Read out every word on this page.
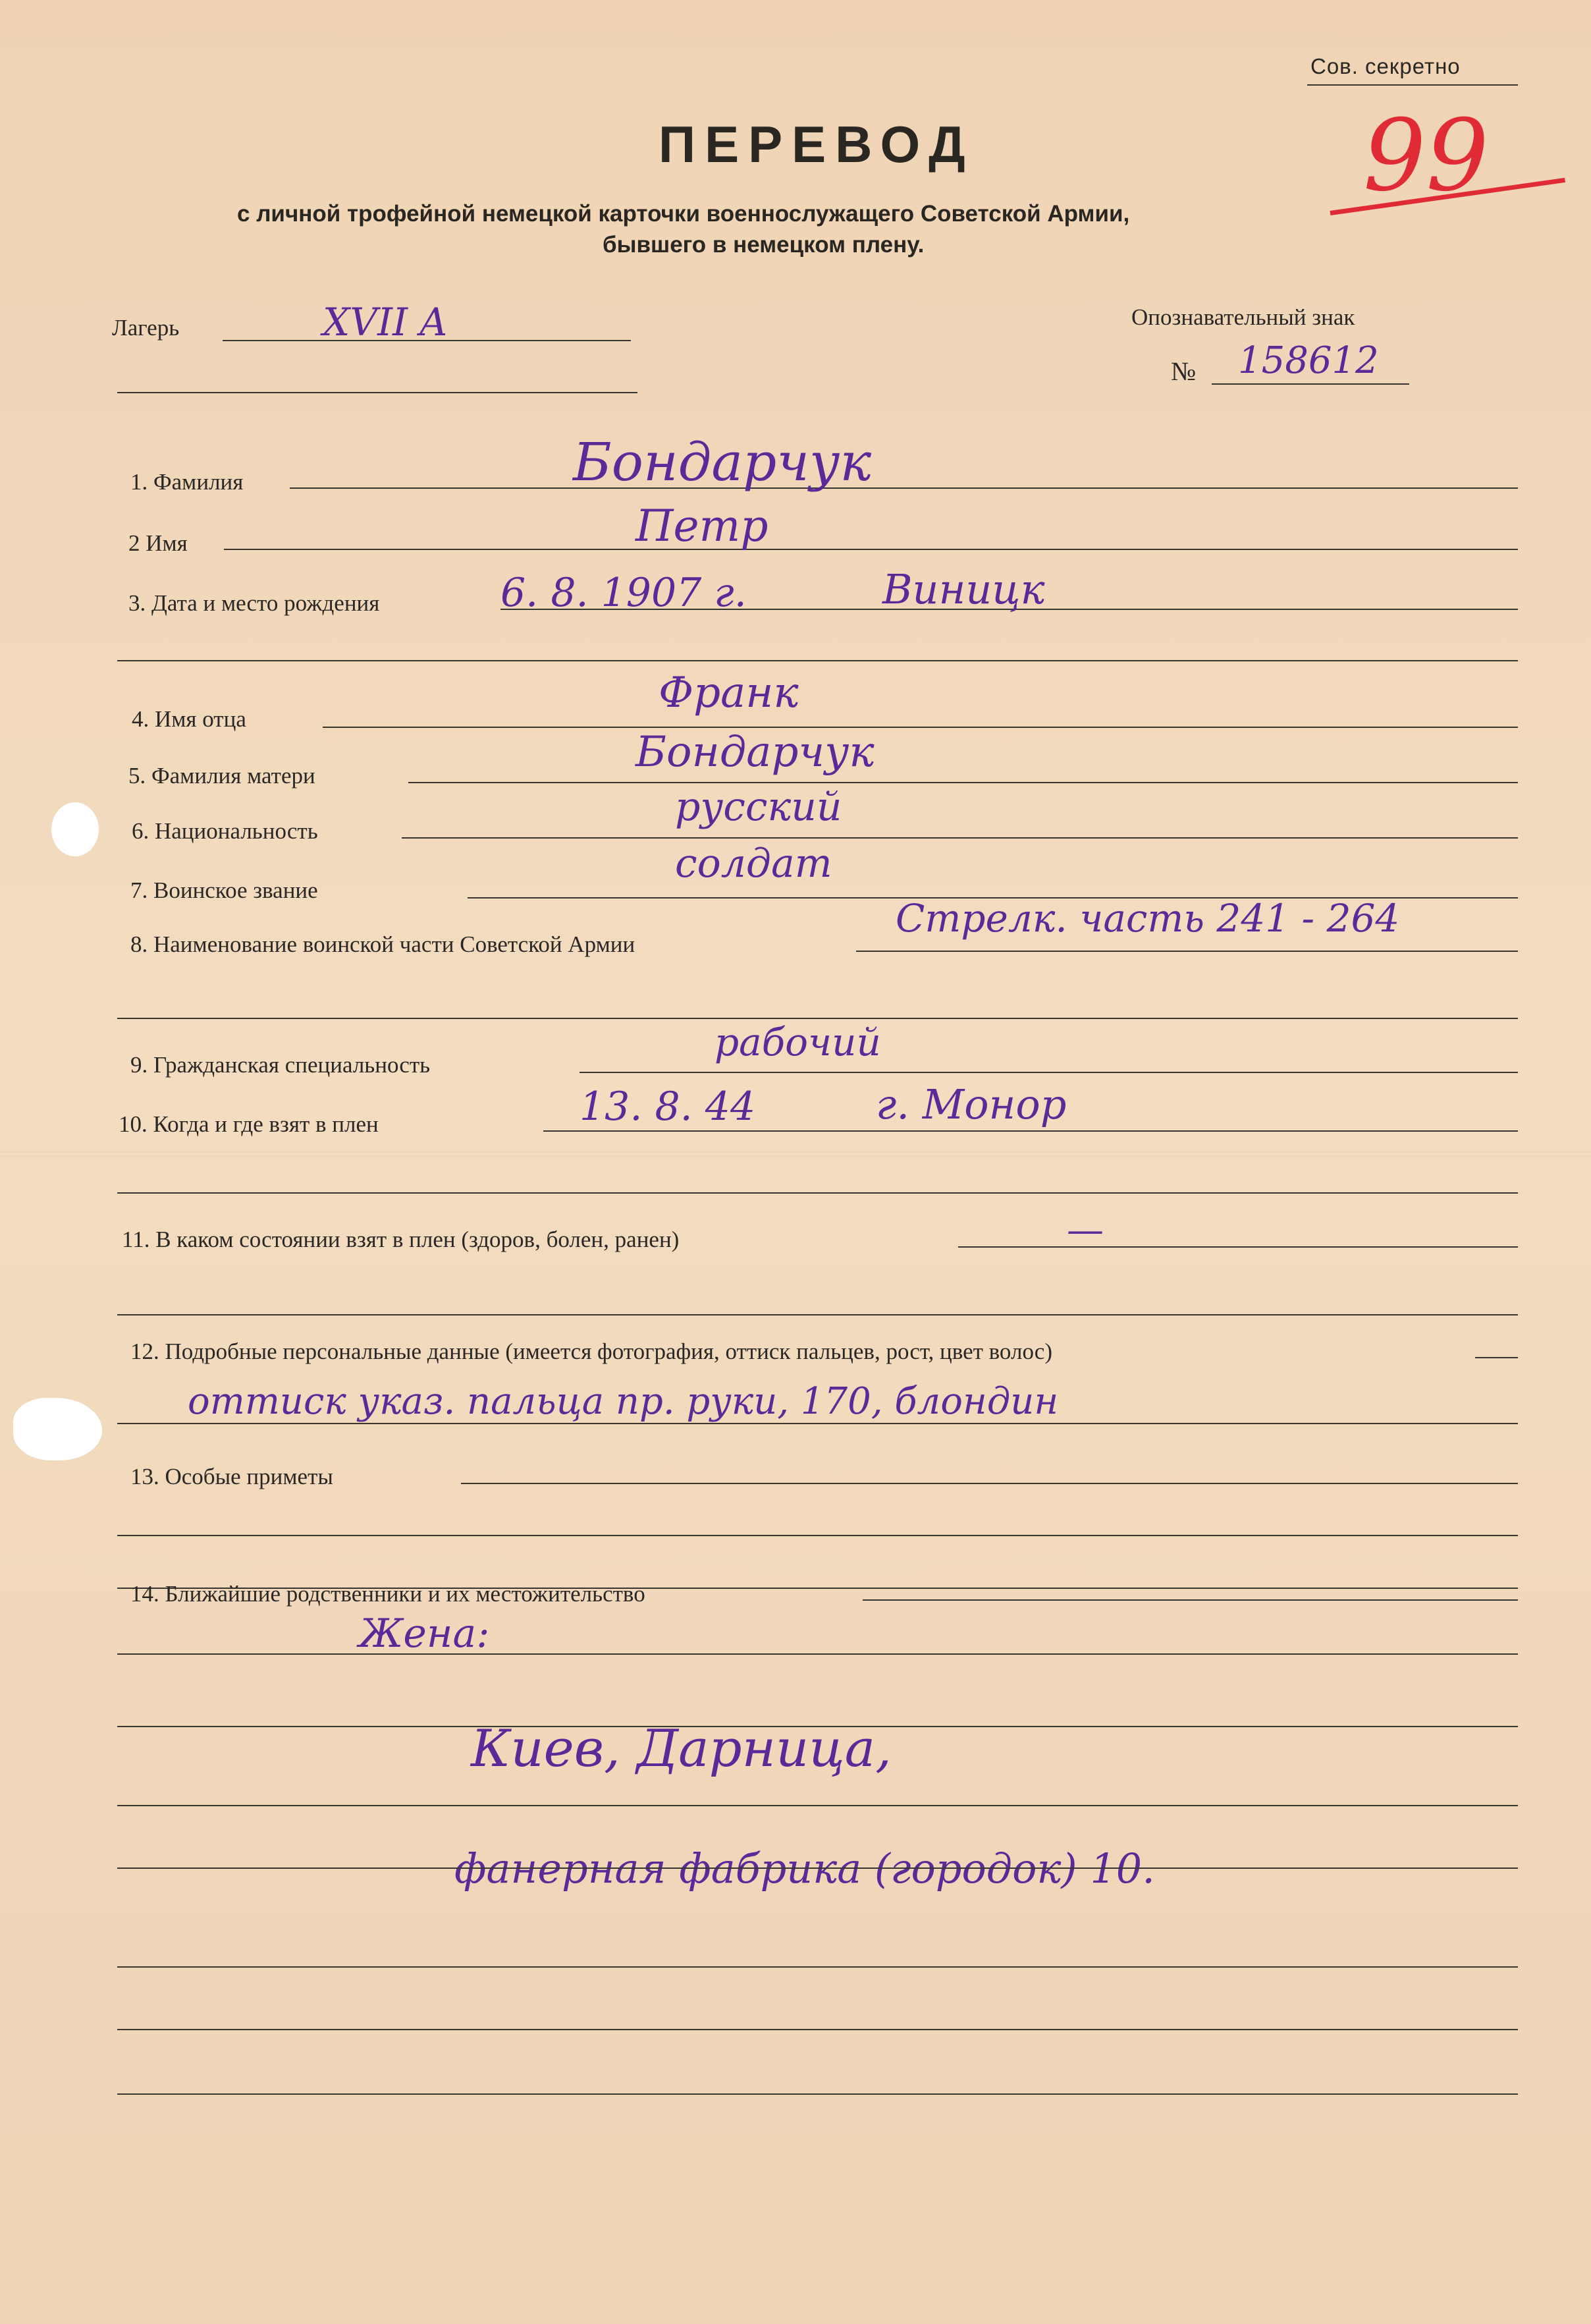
Сов. секретно
ПЕРЕВОД
с личной трофейной немецкой карточки военнослужащего Советской Армии,
бывшего в немецком плену.
99
Лагерь	XVII A	Опознавательный знак
№ 158612
1. Фамилия	Бондарчук
2 Имя	Петр
3. Дата и место рождения	6. 8. 1907 г.	Виницк
4. Имя отца
Франк
5. Фамилия матери	Бондарчук
6. Национальность
русский
7. Воинское звание
солдат
8. Наименование воинской части Советской Армии
Стрелк. часть 241 - 264
9. Гражданская специальность
рабочий
10. Когда и где взят в плен	13. 8. 44	г. Монор
11. В каком состоянии взят в плен (здоров, болен, ранен)	—
12. Подробные персональные данные (имеется фотография, оттиск пальцев, рост, цвет волос)
оттиск указ. пальца пр. руки, 170, блондин
13. Особые приметы
14. Ближайшие родственники и их местожительство
Жена:
Киев, Дарница,
фанерная фабрика (городок) 10.
